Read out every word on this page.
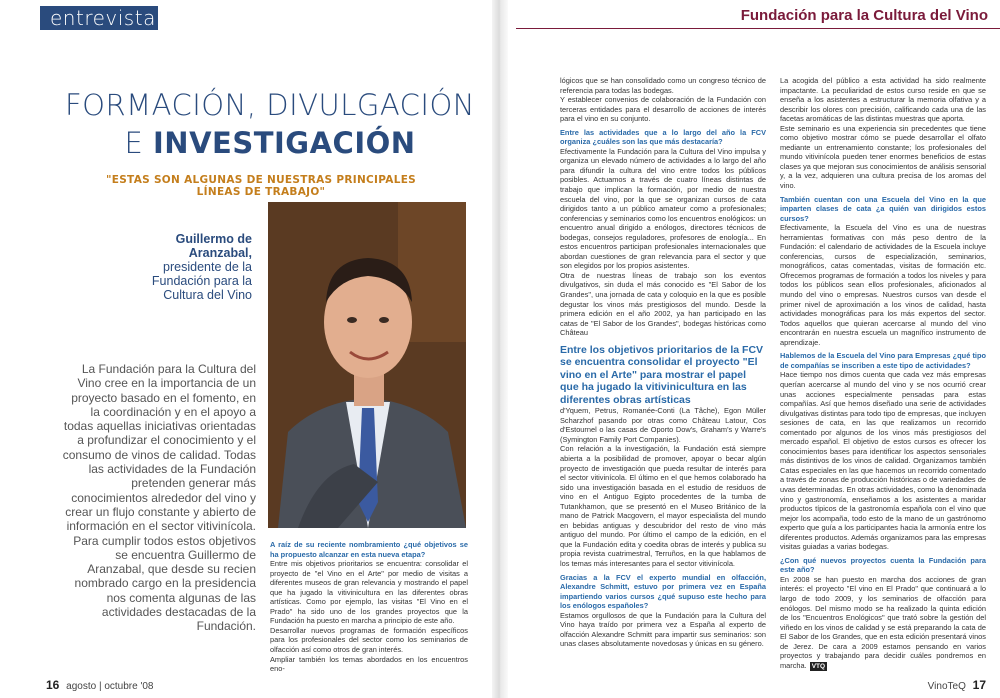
entrevista
FORMACIÓN, DIVULGACIÓN
E INVESTIGACIÓN
"ESTAS SON ALGUNAS DE NUESTRAS PRINCIPALES LÍNEAS DE TRABAJO"
Guillermo de Aranzabal,
presidente de la Fundación para la Cultura del Vino
La Fundación para la Cultura del Vino cree en la importancia de un proyecto basado en el fomento, en la coordinación y en el apoyo a todas aquellas iniciativas orientadas a profundizar el conocimiento y el consumo de vinos de calidad. Todas las actividades de la Fundación pretenden generar más conocimientos alrededor del vino y crear un flujo constante y abierto de información en el sector vitivinícola. Para cumplir todos estos objetivos se encuentra Guillermo de Aranzabal, que desde su recien nombrado cargo en la presidencia nos comenta algunas de las actividades destacadas de la Fundación.

A raíz de su reciente nombramiento ¿qué objetivos se ha propuesto alcanzar en esta nueva etapa?

Entre mis objetivos prioritarios se encuentra: consolidar el proyecto de "el Vino en el Arte" por medio de visitas a diferentes museos de gran relevancia y mostrando el papel que ha jugado la vitivinicultura en las diferentes obras artísticas. Como por ejemplo, las visitas "El Vino en el Prado" ha sido uno de los grandes proyectos que la Fundación ha puesto en marcha a principio de este año.

Desarrollar nuevos programas de formación específicos para los profesionales del sector como los seminarios de olfacción así como otros de gran interés.

Ampliar también los temas abordados en los encuentros eno-

16 agosto | octubre '08
Fundación para la Cultura del Vino

lógicos que se han consolidado como un congreso técnico de referencia para todas las bodegas.

Y establecer convenios de colaboración de la Fundación con terceras entidades para el desarrollo de acciones de interés para el vino en su conjunto.

Entre las actividades que a lo largo del año la FCV organiza ¿cuáles son las que más destacaría?

Efectivamente la Fundación para la Cultura del Vino impulsa y organiza un elevado número de actividades a lo largo del año para difundir la cultura del vino entre todos los públicos posibles. Actuamos a través de cuatro líneas distintas de trabajo que implican la formación, por medio de nuestra escuela del vino, por la que se organizan cursos de cata dirigidos tanto a un público amateur como a profesionales; conferencias y seminarios como los encuentros enológicos: un encuentro anual dirigido a enólogos, directores técnicos de bodegas, consejos reguladores, profesores de enología... En estos encuentros participan profesionales internacionales que abordan cuestiones de gran relevancia para el sector y que son elegidos por los propios asistentes.

Otra de nuestras líneas de trabajo son los eventos divulgativos, sin duda el más conocido es "El Sabor de los Grandes", una jornada de cata y coloquio en la que es posible degustar los vinos más prestigiosos del mundo. Desde la primera edición en el año 2002, ya han participado en las catas de "El Sabor de los Grandes", bodegas históricas como Château

Entre los objetivos prioritarios de la FCV se encuentra consolidar el proyecto "El vino en el Arte" para mostrar el papel que ha jugado la vitivinicultura en las diferentes obras artísticas

d'Yquem, Petrus, Romanée-Conti (La Tâche), Egon Müller Scharzhof pasando por otras como Château Latour, Cos d'Estournel o las casas de Oporto Dow's, Graham's y Warre's (Symington Family Port Companies).

Con relación a la investigación, la Fundación está siempre abierta a la posibilidad de promover, apoyar o becar algún proyecto de investigación que pueda resultar de interés para el sector vitivinícola. El último en el que hemos colaborado ha sido una investigación basada en el estudio de residuos de vino en el Antiguo Egipto procedentes de la tumba de Tutankhamon, que se presentó en el Museo Británico de la mano de Patrick Macgovern, el mayor especialista del mundo en bebidas antiguas y descubridor del resto de vino más antiguo del mundo. Por último el campo de la edición, en el que la Fundación edita y coedita obras de interés y publica su propia revista cuatrimestral, Terruños, en la que hablamos de los temas más interesantes para el sector vitivinícola.

Gracias a la FCV el experto mundial en olfacción, Alexandre Schmitt, estuvo por primera vez en España impartiendo varios cursos ¿qué supuso este hecho para los enólogos españoles?

Estamos orgullosos de que la Fundación para la Cultura del Vino haya traído por primera vez a España al experto de olfacción Alexandre Schmitt para impartir sus seminarios: son unas clases absolutamente novedosas y únicas en su género.

La acogida del público a esta actividad ha sido realmente impactante. La peculiaridad de estos curso reside en que se enseña a los asistentes a estructurar la memoria olfativa y a describir los olores con precisión, calificando cada una de las facetas aromáticas de las distintas muestras que aporta.

Este seminario es una experiencia sin precedentes que tiene como objetivo mostrar cómo se puede desarrollar el olfato mediante un entrenamiento constante; los profesionales del mundo vitivinícola pueden tener enormes beneficios de estas clases ya que mejoran sus conocimientos de análisis sensorial y, a la vez, adquieren una cultura precisa de los aromas del vino.

También cuentan con una Escuela del Vino en la que imparten clases de cata ¿a quién van dirigidos estos cursos?

Efectivamente, la Escuela del Vino es una de nuestras herramientas formativas con más peso dentro de la Fundación: el calendario de actividades de la Escuela incluye conferencias, cursos de especialización, seminarios, monográficos, catas comentadas, visitas de formación etc. Ofrecemos programas de formación a todos los niveles y para todos los públicos sean ellos profesionales, aficionados al mundo del vino o empresas. Nuestros cursos van desde el primer nivel de aproximación a los vinos de calidad, hasta actividades monográficas para los más expertos del sector. Todos aquellos que quieran acercarse al mundo del vino encontrarán en nuestra escuela un magnífico instrumento de aprendizaje.

Hablemos de la Escuela del Vino para Empresas ¿qué tipo de compañías se inscriben a este tipo de actividades?

Hace tiempo nos dimos cuenta que cada vez más empresas querían acercarse al mundo del vino y se nos ocurrió crear unas acciones especialmente pensadas para estas compañías. Así que hemos diseñado una serie de actividades divulgativas distintas para todo tipo de empresas, que incluyen sesiones de cata, en las que realizamos un recorrido comentado por algunos de los vinos más prestigiosos del mercado español. El objetivo de estos cursos es ofrecer los conocimientos bases para identificar los aspectos sensoriales más distintivos de los vinos de calidad. Organizamos también Catas especiales en las que hacemos un recorrido comentado a través de zonas de producción históricas o de variedades de uvas determinadas. En otras actividades, como la denominada vino y gastronomía, enseñamos a los asistentes a maridar productos típicos de la gastronomía española con el vino que mejor los acompaña, todo esto de la mano de un gastrónomo experto que guía a los participantes hacia la armonía entre los diferentes productos. Además organizamos para las empresas visitas guiadas a varias bodegas.

¿Con qué nuevos proyectos cuenta la Fundación para este año?

En 2008 se han puesto en marcha dos acciones de gran interés: el proyecto "El vino en El Prado" que continuará a lo largo de todo 2009, y los seminarios de olfacción para enólogos. Del mismo modo se ha realizado la quinta edición de los "Encuentros Enológicos" que trató sobre la gestión del viñedo en los vinos de calidad y se está preparando la cata de El Sabor de los Grandes, que en esta edición presentará vinos de Jerez. De cara a 2009 estamos pensando en varios proyectos y trabajando para decidir cuáles pondremos en marcha. VTQ

VinoTeQ 17
